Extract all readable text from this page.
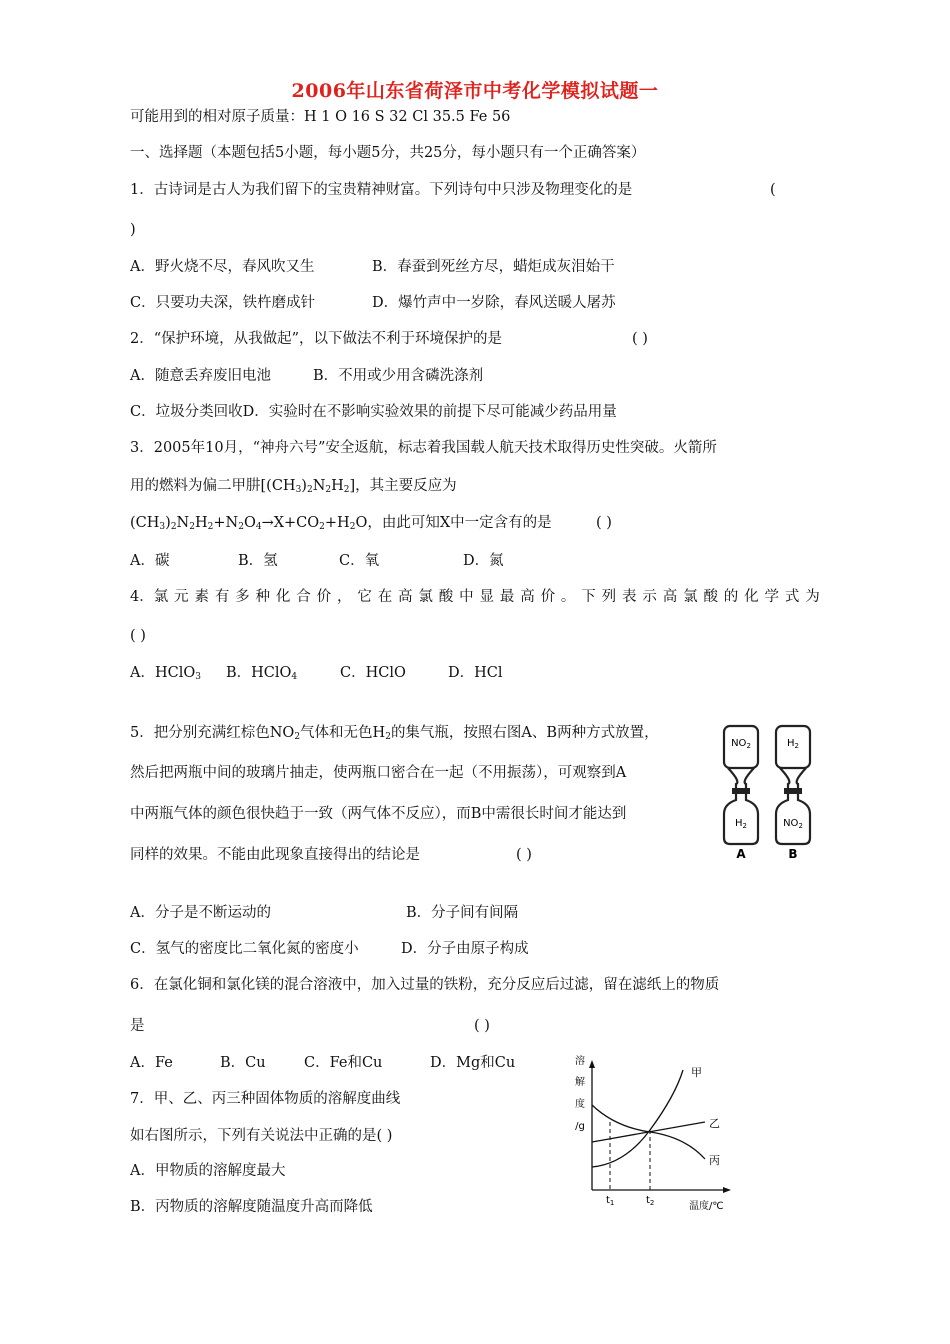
2006年山东省荷泽市中考化学模拟试题一
可能用到的相对原子质量：H 1 O 16 S 32 Cl 35.5 Fe 56
一、选择题（本题包括5小题，每小题5分，共25分，每小题只有一个正确答案）
1．古诗词是古人为我们留下的宝贵精神财富。下列诗句中只涉及物理变化的是	(
)
A．野火烧不尽，春风吹又生	B．春蚕到死丝方尽，蜡炬成灰泪始干
C．只要功夫深，铁杵磨成针	D．爆竹声中一岁除，春风送暖人屠苏
2．“保护环境，从我做起”，以下做法不利于环境保护的是	( )
A．随意丢弃废旧电池	B．不用或少用含磷洗涤剂
C．垃圾分类回收D．实验时在不影响实验效果的前提下尽可能减少药品用量
3．2005年10月，“神舟六号”安全返航，标志着我国载人航天技术取得历史性突破。火箭所
用的燃料为偏二甲肼$[(CH_3)_2N_2H_2]$，其主要反应为
$(CH_3)_2N_2H_2+N_2O_4\to X+CO_2+H_2O$，由此可知X中一定含有的是	( )
A．碳	B．氢	C．氧	D．氮
4．氯 元 素 有 多 种 化 合 价 ， 它 在 高 氯 酸 中 显 最 高 价 。 下 列 表 示 高 氯 酸 的 化 学 式 为
( )
A．HClO$_3$ B．HClO$_4$	C．HClO	D．HCl
5．把分别充满红棕色$NO_2$气体和无色$H_2$的集气瓶，按照右图A、B两种方式放置，
然后把两瓶中间的玻璃片抽走，使两瓶口密合在一起（不用振荡），可观察到A
中两瓶气体的颜色很快趋于一致（两气体不反应），而B中需很长时间才能达到
同样的效果。不能由此现象直接得出的结论是	( )
$NO_2$
$H_2$
A
$H_2$
$NO_2$
B
A．分子是不断运动的	B．分子间有间隔
C．氢气的密度比二氧化氮的密度小	D．分子由原子构成
6．在氯化铜和氯化镁的混合溶液中，加入过量的铁粉，充分反应后过滤，留在滤纸上的物质
是	( )
A．Fe	B．Cu	C．Fe和Cu	D．Mg和Cu
7．甲、乙、丙三种固体物质的溶解度曲线
如右图所示，下列有关说法中正确的是( )
A．甲物质的溶解度最大
B．丙物质的溶解度随温度升高而降低
溶
解
度
/g
甲
乙
丙
$t_1$	$t_2$	温度/℃
